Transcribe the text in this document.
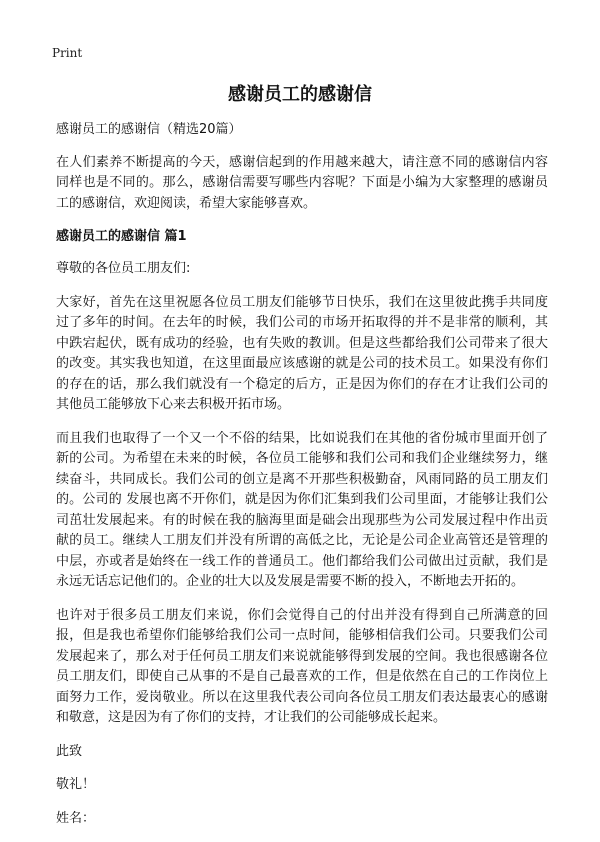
Print
感谢员工的感谢信

感谢员工的感谢信（精选20篇）

在人们素养不断提高的今天，感谢信起到的作用越来越大，请注意不同的感谢信内容同样也是不同的。那么，感谢信需要写哪些内容呢？下面是小编为大家整理的感谢员工的感谢信，欢迎阅读，希望大家能够喜欢。

感谢员工的感谢信 篇1

尊敬的各位员工朋友们:

大家好，首先在这里祝愿各位员工朋友们能够节日快乐，我们在这里彼此携手共同度过了多年的时间。在去年的时候，我们公司的市场开拓取得的并不是非常的顺利，其中跌宕起伏，既有成功的经验，也有失败的教训。但是这些都给我们公司带来了很大的改变。其实我也知道，在这里面最应该感谢的就是公司的技术员工。如果没有你们的存在的话，那么我们就没有一个稳定的后方，正是因为你们的存在才让我们公司的其他员工能够放下心来去积极开拓市场。

而且我们也取得了一个又一个不俗的结果，比如说我们在其他的省份城市里面开创了新的公司。为希望在未来的时候，各位员工能够和我们公司和我们企业继续努力，继续奋斗，共同成长。我们公司的创立是离不开那些积极勤奋，风雨同路的员工朋友们的。公司的 发展也离不开你们，就是因为你们汇集到我们公司里面，才能够让我们公司茁壮发展起来。有的时候在我的脑海里面是础会出现那些为公司发展过程中作出贡献的员工。继续人工朋友们并没有所谓的高低之比，无论是公司企业高管还是管理的中层，亦或者是始终在一线工作的普通员工。他们都给我们公司做出过贡献，我们是永远无话忘记他们的。企业的壮大以及发展是需要不断的投入，不断地去开拓的。

也许对于很多员工朋友们来说，你们会觉得自己的付出并没有得到自己所满意的回报，但是我也希望你们能够给我们公司一点时间，能够相信我们公司。只要我们公司发展起来了，那么对于任何员工朋友们来说就能够得到发展的空间。我也很感谢各位员工朋友们，即使自己从事的不是自己最喜欢的工作，但是依然在自己的工作岗位上面努力工作，爱岗敬业。所以在这里我代表公司向各位员工朋友们表达最衷心的感谢和敬意，这是因为有了你们的支持，才让我们的公司能够成长起来。

此致

敬礼！

姓名：
